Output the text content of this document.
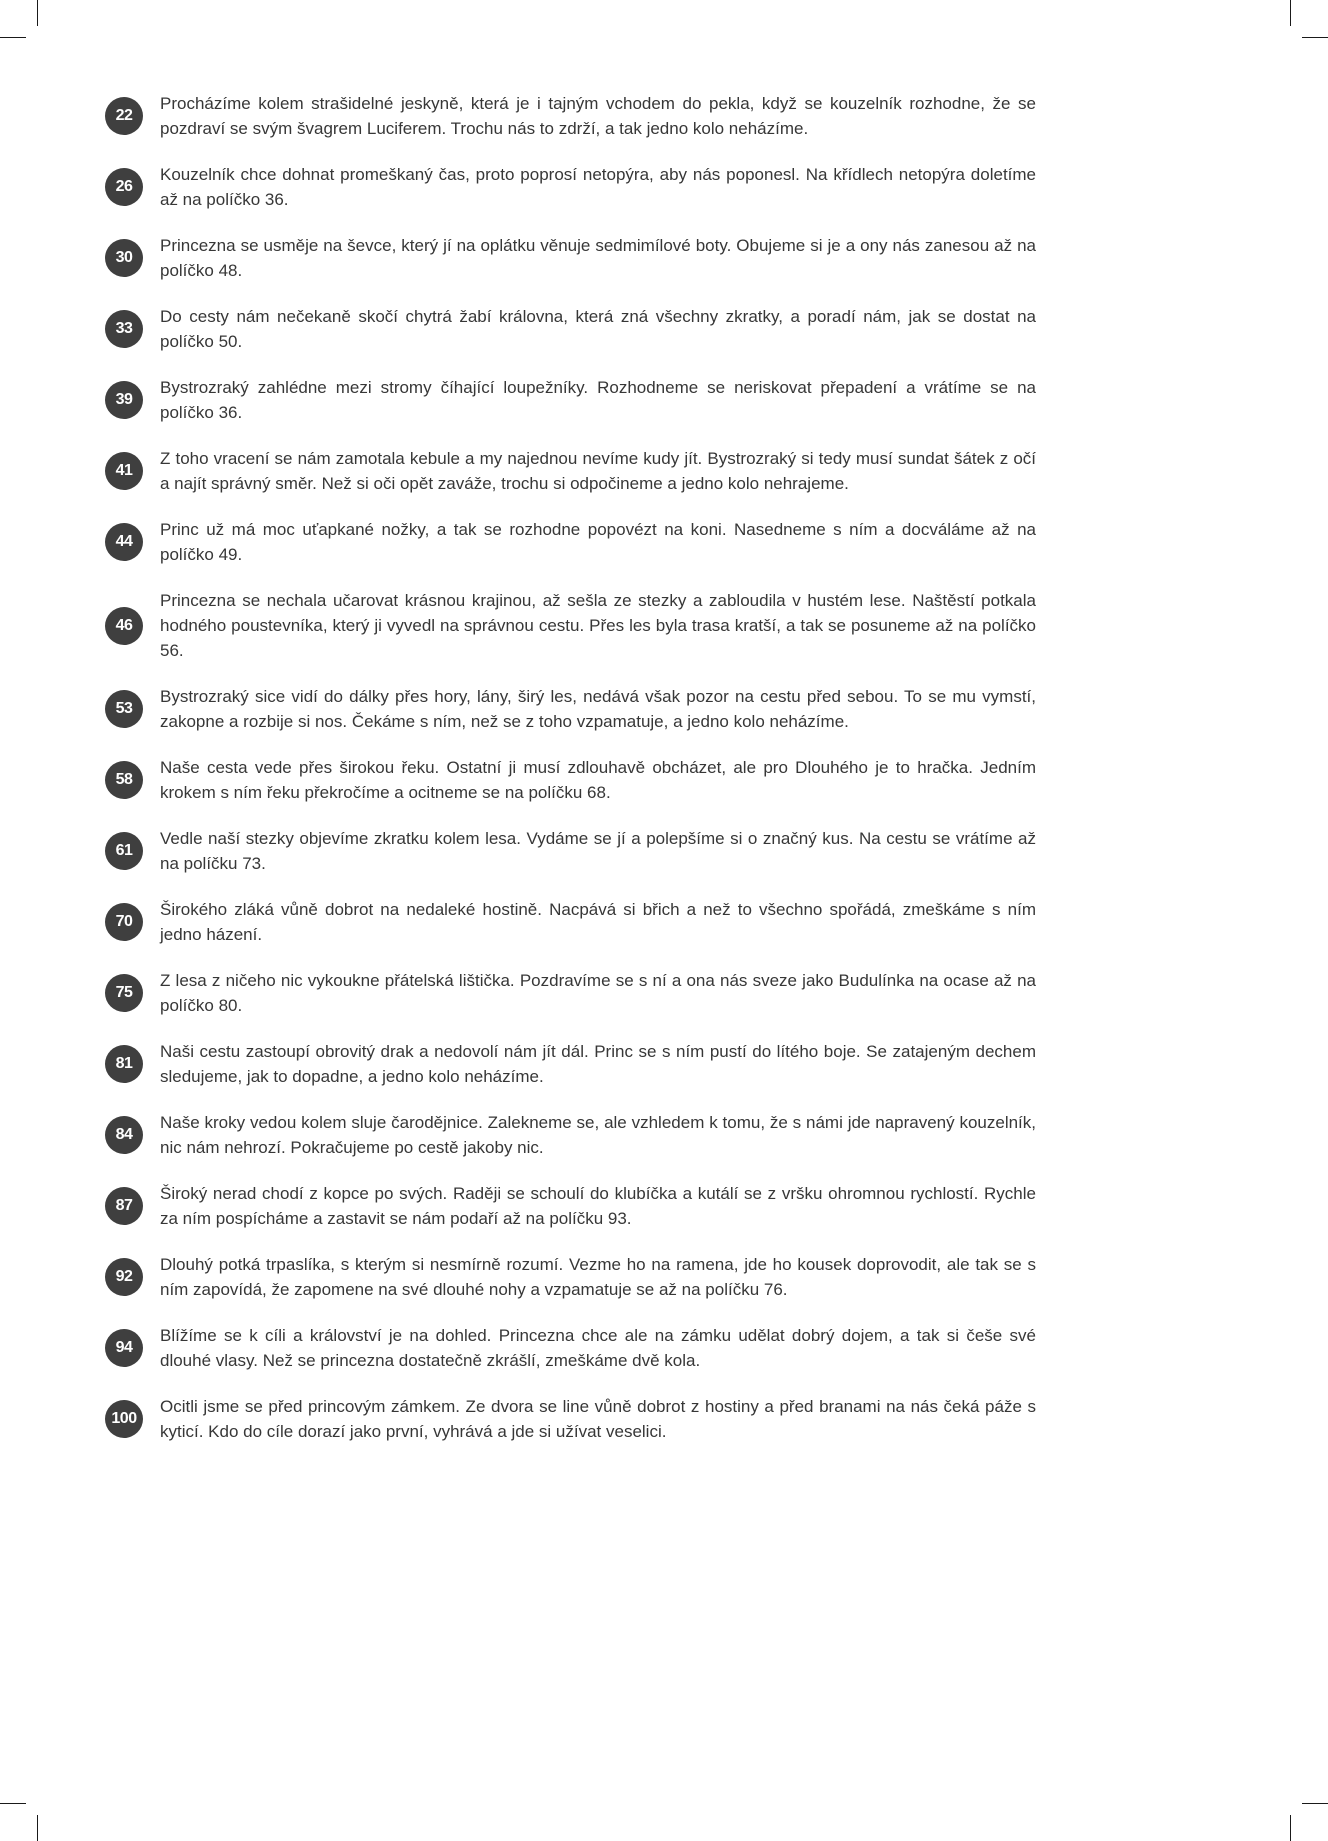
22

Procházíme kolem strašidelné jeskyně, která je i tajným vchodem do pekla, když se kouzelník rozhodne, že se pozdraví se svým švagrem Luciferem. Trochu nás to zdrží, a tak jedno kolo neházíme.

26

Kouzelník chce dohnat promeškaný čas, proto poprosí netopýra, aby nás poponesl. Na křídlech netopýra doletíme až na políčko 36.

30

Princezna se usměje na ševce, který jí na oplátku věnuje sedmimílové boty. Obujeme si je a ony nás zanesou až na políčko 48.

33

Do cesty nám nečekaně skočí chytrá žabí královna, která zná všechny zkratky, a poradí nám, jak se dostat na políčko 50.

39

Bystrozraký zahlédne mezi stromy číhající loupežníky. Rozhodneme se neriskovat přepadení a vrátíme se na políčko 36.

41

Z toho vracení se nám zamotala kebule a my najednou nevíme kudy jít. Bystrozraký si tedy musí sundat šátek z očí a najít správný směr. Než si oči opět zaváže, trochu si odpočineme a jedno kolo nehrajeme.

44

Princ už má moc uťapkané nožky, a tak se rozhodne popovézt na koni. Nasedneme s ním a docváláme až na políčko 49.

46

Princezna se nechala učarovat krásnou krajinou, až sešla ze stezky a zabloudila v hustém lese. Naštěstí potkala hodného poustevníka, který ji vyvedl na správnou cestu. Přes les byla trasa kratší, a tak se posuneme až na políčko 56.

53

Bystrozraký sice vidí do dálky přes hory, lány, širý les, nedává však pozor na cestu před sebou. To se mu vymstí, zakopne a rozbije si nos. Čekáme s ním, než se z toho vzpamatuje, a jedno kolo neházíme.

58

Naše cesta vede přes širokou řeku. Ostatní ji musí zdlouhavě obcházet, ale pro Dlouhého je to hračka. Jedním krokem s ním řeku překročíme a ocitneme se na políčku 68.

61

Vedle naší stezky objevíme zkratku kolem lesa. Vydáme se jí a polepšíme si o značný kus. Na cestu se vrátíme až na políčku 73.

70

Širokého zláká vůně dobrot na nedaleké hostině. Nacpává si břich a než to všechno spořádá, zmeškáme s ním jedno házení.

75

Z lesa z ničeho nic vykoukne přátelská lištička. Pozdravíme se s ní a ona nás sveze jako Budulínka na ocase až na políčko 80.

81

Naši cestu zastoupí obrovitý drak a nedovolí nám jít dál. Princ se s ním pustí do lítého boje. Se zatajeným dechem sledujeme, jak to dopadne, a jedno kolo neházíme.

84

Naše kroky vedou kolem sluje čarodějnice. Zalekneme se, ale vzhledem k tomu, že s námi jde napravený kouzelník, nic nám nehrozí. Pokračujeme po cestě jakoby nic.

87

Široký nerad chodí z kopce po svých. Raději se schoulí do klubíčka a kutálí se z vršku ohromnou rychlostí. Rychle za ním pospícháme a zastavit se nám podaří až na políčku 93.

92

Dlouhý potká trpaslíka, s kterým si nesmírně rozumí. Vezme ho na ramena, jde ho kousek doprovodit, ale tak se s ním zapovídá, že zapomene na své dlouhé nohy a vzpamatuje se až na políčku 76.

94

Blížíme se k cíli a království je na dohled. Princezna chce ale na zámku udělat dobrý dojem, a tak si češe své dlouhé vlasy. Než se princezna dostatečně zkrášlí, zmeškáme dvě kola.

100

Ocitli jsme se před princovým zámkem. Ze dvora se line vůně dobrot z hostiny a před branami na nás čeká páže s kyticí. Kdo do cíle dorazí jako první, vyhrává a jde si užívat veselici.
